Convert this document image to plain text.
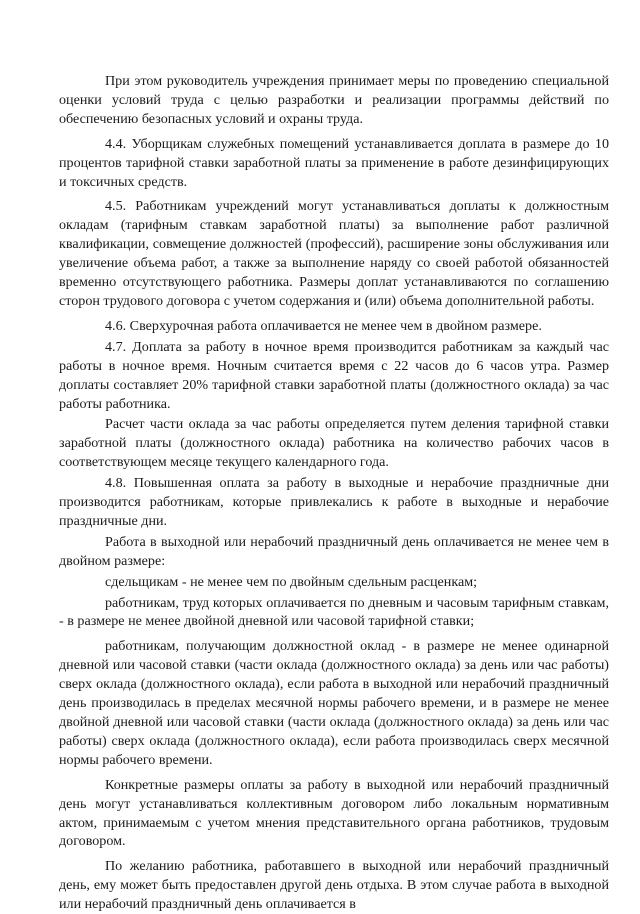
При этом руководитель учреждения принимает меры по проведению специальной оценки условий труда с целью разработки и реализации программы действий по обеспечению безопасных условий и охраны труда.

4.4. Уборщикам служебных помещений устанавливается доплата в размере до 10 процентов тарифной ставки заработной платы за применение в работе дезинфицирующих и токсичных средств.

4.5. Работникам учреждений могут устанавливаться доплаты к должностным окладам (тарифным ставкам заработной платы) за выполнение работ различной квалификации, совмещение должностей (профессий), расширение зоны обслуживания или увеличение объема работ, а также за выполнение наряду со своей работой обязанностей временно отсутствующего работника. Размеры доплат устанавливаются по соглашению сторон трудового договора с учетом содержания и (или) объема дополнительной работы.

4.6. Сверхурочная работа оплачивается не менее чем в двойном размере.

4.7. Доплата за работу в ночное время производится работникам за каждый час работы в ночное время. Ночным считается время с 22 часов до 6 часов утра. Размер доплаты составляет 20% тарифной ставки заработной платы (должностного оклада) за час работы работника.

Расчет части оклада за час работы определяется путем деления тарифной ставки заработной платы (должностного оклада) работника на количество рабочих часов в соответствующем месяце текущего календарного года.

4.8. Повышенная оплата за работу в выходные и нерабочие праздничные дни производится работникам, которые привлекались к работе в выходные и нерабочие праздничные дни.

Работа в выходной или нерабочий праздничный день оплачивается не менее чем в двойном размере:

сдельщикам - не менее чем по двойным сдельным расценкам;

работникам, труд которых оплачивается по дневным и часовым тарифным ставкам, - в размере не менее двойной дневной или часовой тарифной ставки;

работникам, получающим должностной оклад - в размере не менее одинарной дневной или часовой ставки (части оклада (должностного оклада) за день или час работы) сверх оклада (должностного оклада), если работа в выходной или нерабочий праздничный день производилась в пределах месячной нормы рабочего времени, и в размере не менее двойной дневной или часовой ставки (части оклада (должностного оклада) за день или час работы) сверх оклада (должностного оклада), если работа производилась сверх месячной нормы рабочего времени.

Конкретные размеры оплаты за работу в выходной или нерабочий праздничный день могут устанавливаться коллективным договором либо локальным нормативным актом, принимаемым с учетом мнения представительного органа работников, трудовым договором.

По желанию работника, работавшего в выходной или нерабочий праздничный день, ему может быть предоставлен другой день отдыха. В этом случае работа в выходной или нерабочий праздничный день оплачивается в
